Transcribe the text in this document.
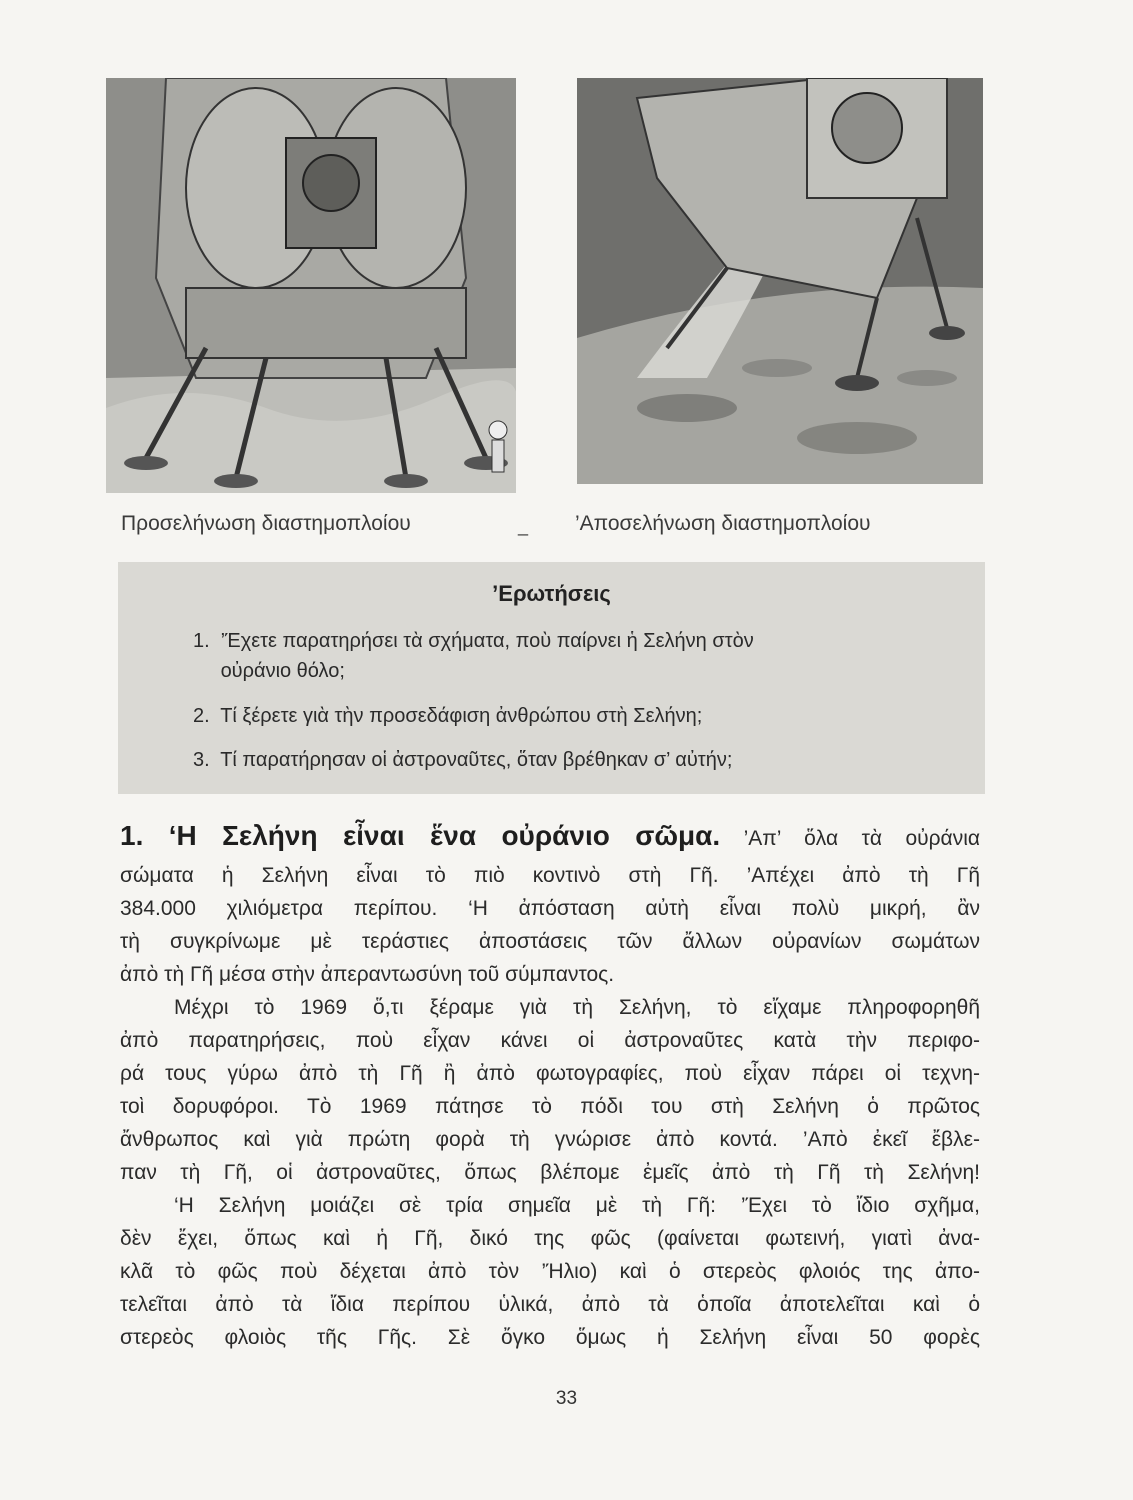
Προσελήνωση διαστημοπλοίου	_ ’Αποσελήνωση διαστημοπλοίου
’Ερωτήσεις
1. ’Έχετε παρατηρήσει τὰ σχήματα, ποὺ παίρνει ἡ Σελήνη στὸν
οὐράνιο θόλο;
2. Τί ξέρετε γιὰ τὴν προσεδάφιση ἀνθρώπου στὴ Σελήνη;
3. Τί παρατήρησαν οἱ ἀστροναῦτες, ὅταν βρέθηκαν σ’ αὐτήν;
1. ‘Η Σελήνη εἶναι ἕνα οὐράνιο σῶμα. ’Απ’ ὅλα τὰ οὐράνια
σώματα ἡ Σελήνη εἶναι τὸ πιὸ κοντινὸ στὴ Γῆ. ’Απέχει ἀπὸ τὴ Γῆ
384.000 χιλιόμετρα περίπου. ‘Η ἀπόσταση αὐτὴ εἶναι πολὺ μικρή, ἂν
τὴ συγκρίνωμε μὲ τεράστιες ἀποστάσεις τῶν ἄλλων οὐρανίων σωμάτων
ἀπὸ τὴ Γῆ μέσα στὴν ἀπεραντωσύνη τοῦ σύμπαντος.
Μέχρι τὸ 1969 ὅ,τι ξέραμε γιὰ τὴ Σελήνη, τὸ εἴχαμε πληροφορηθῆ
ἀπὸ παρατηρήσεις, ποὺ εἶχαν κάνει οἱ ἀστροναῦτες κατὰ τὴν περιφο-
ρά τους γύρω ἀπὸ τὴ Γῆ ἢ ἀπὸ φωτογραφίες, ποὺ εἶχαν πάρει οἱ τεχνη-
τοὶ δορυφόροι. Τὸ 1969 πάτησε τὸ πόδι του στὴ Σελήνη ὁ πρῶτος
ἄνθρωπος καὶ γιὰ πρώτη φορὰ τὴ γνώρισε ἀπὸ κοντά. ’Απὸ ἐκεῖ ἔβλε-
παν τὴ Γῆ, οἱ ἀστροναῦτες, ὅπως βλέπομε ἐμεῖς ἀπὸ τὴ Γῆ τὴ Σελήνη!
‘Η Σελήνη μοιάζει σὲ τρία σημεῖα μὲ τὴ Γῆ: ’Έχει τὸ ἴδιο σχῆμα,
δὲν ἔχει, ὅπως καὶ ἡ Γῆ, δικό της φῶς (φαίνεται φωτεινή, γιατὶ ἀνα-
κλᾶ τὸ φῶς ποὺ δέχεται ἀπὸ τὸν ’Ήλιο) καὶ ὁ στερεὸς φλοιός της ἀπο-
τελεῖται ἀπὸ τὰ ἴδια περίπου ὑλικά, ἀπὸ τὰ ὁποῖα ἀποτελεῖται καὶ ὁ
στερεὸς φλοιὸς τῆς Γῆς. Σὲ ὄγκο ὅμως ἡ Σελήνη εἶναι 50 φορὲς
33
